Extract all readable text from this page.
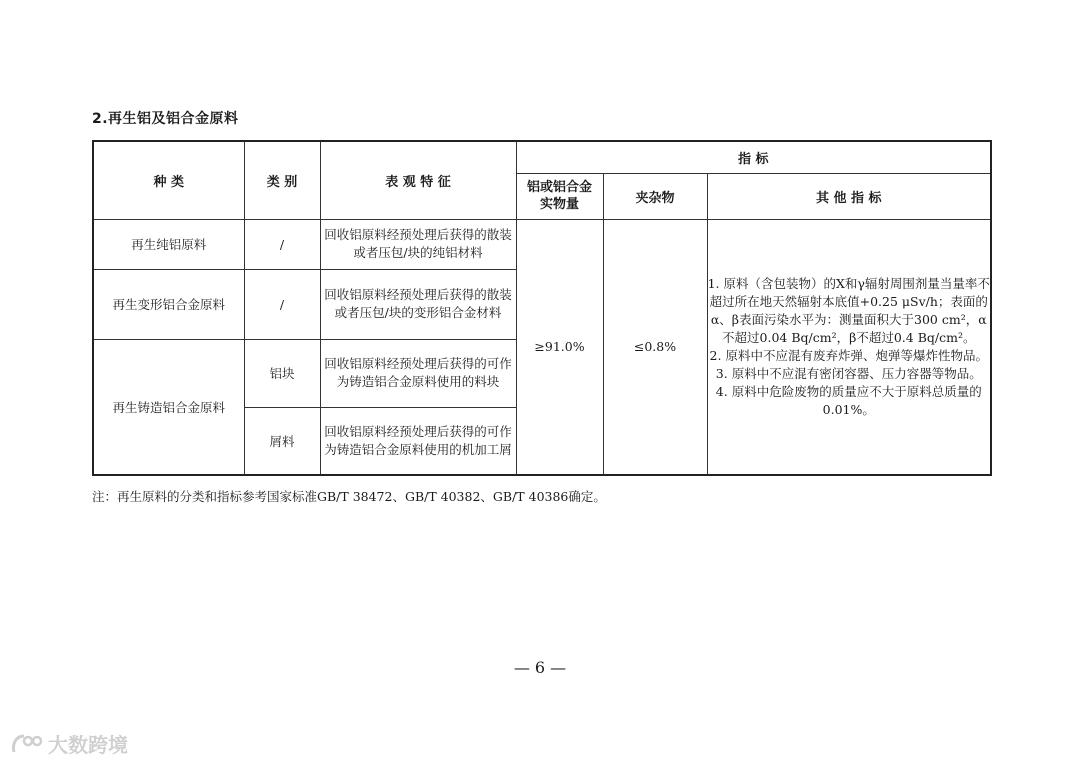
2.再生铝及铝合金原料
种 类	类 别	表 观 特 征	指 标		
			铝或铝合金实物量	夹杂物	其 他 指 标
再生纯铝原料	/	回收铝原料经预处理后获得的散装或者压包/块的纯铝材料	≥91.0%	≤0.8%	1. 原料（含包装物）的X和γ辐射周围剂量当量率不超过所在地天然辐射本底值+0.25 μSv/h；表面的α、β表面污染水平为：测量面积大于300 cm²，α不超过0.04 Bq/cm²，β不超过0.4 Bq/cm²。

2. 原料中不应混有废弃炸弹、炮弹等爆炸性物品。

3. 原料中不应混有密闭容器、压力容器等物品。

4. 原料中危险废物的质量应不大于原料总质量的0.01%。

再生变形铝合金原料	/	回收铝原料经预处理后获得的散装或者压包/块的变形铝合金材料			
再生铸造铝合金原料	铝块	回收铝原料经预处理后获得的可作为铸造铝合金原料使用的料块			
	屑料	回收铝原料经预处理后获得的可作为铸造铝合金原料使用的机加工屑			
注：再生原料的分类和指标参考国家标准GB/T 38472、GB/T 40382、GB/T 40386确定。
— 6 —
大数跨境
